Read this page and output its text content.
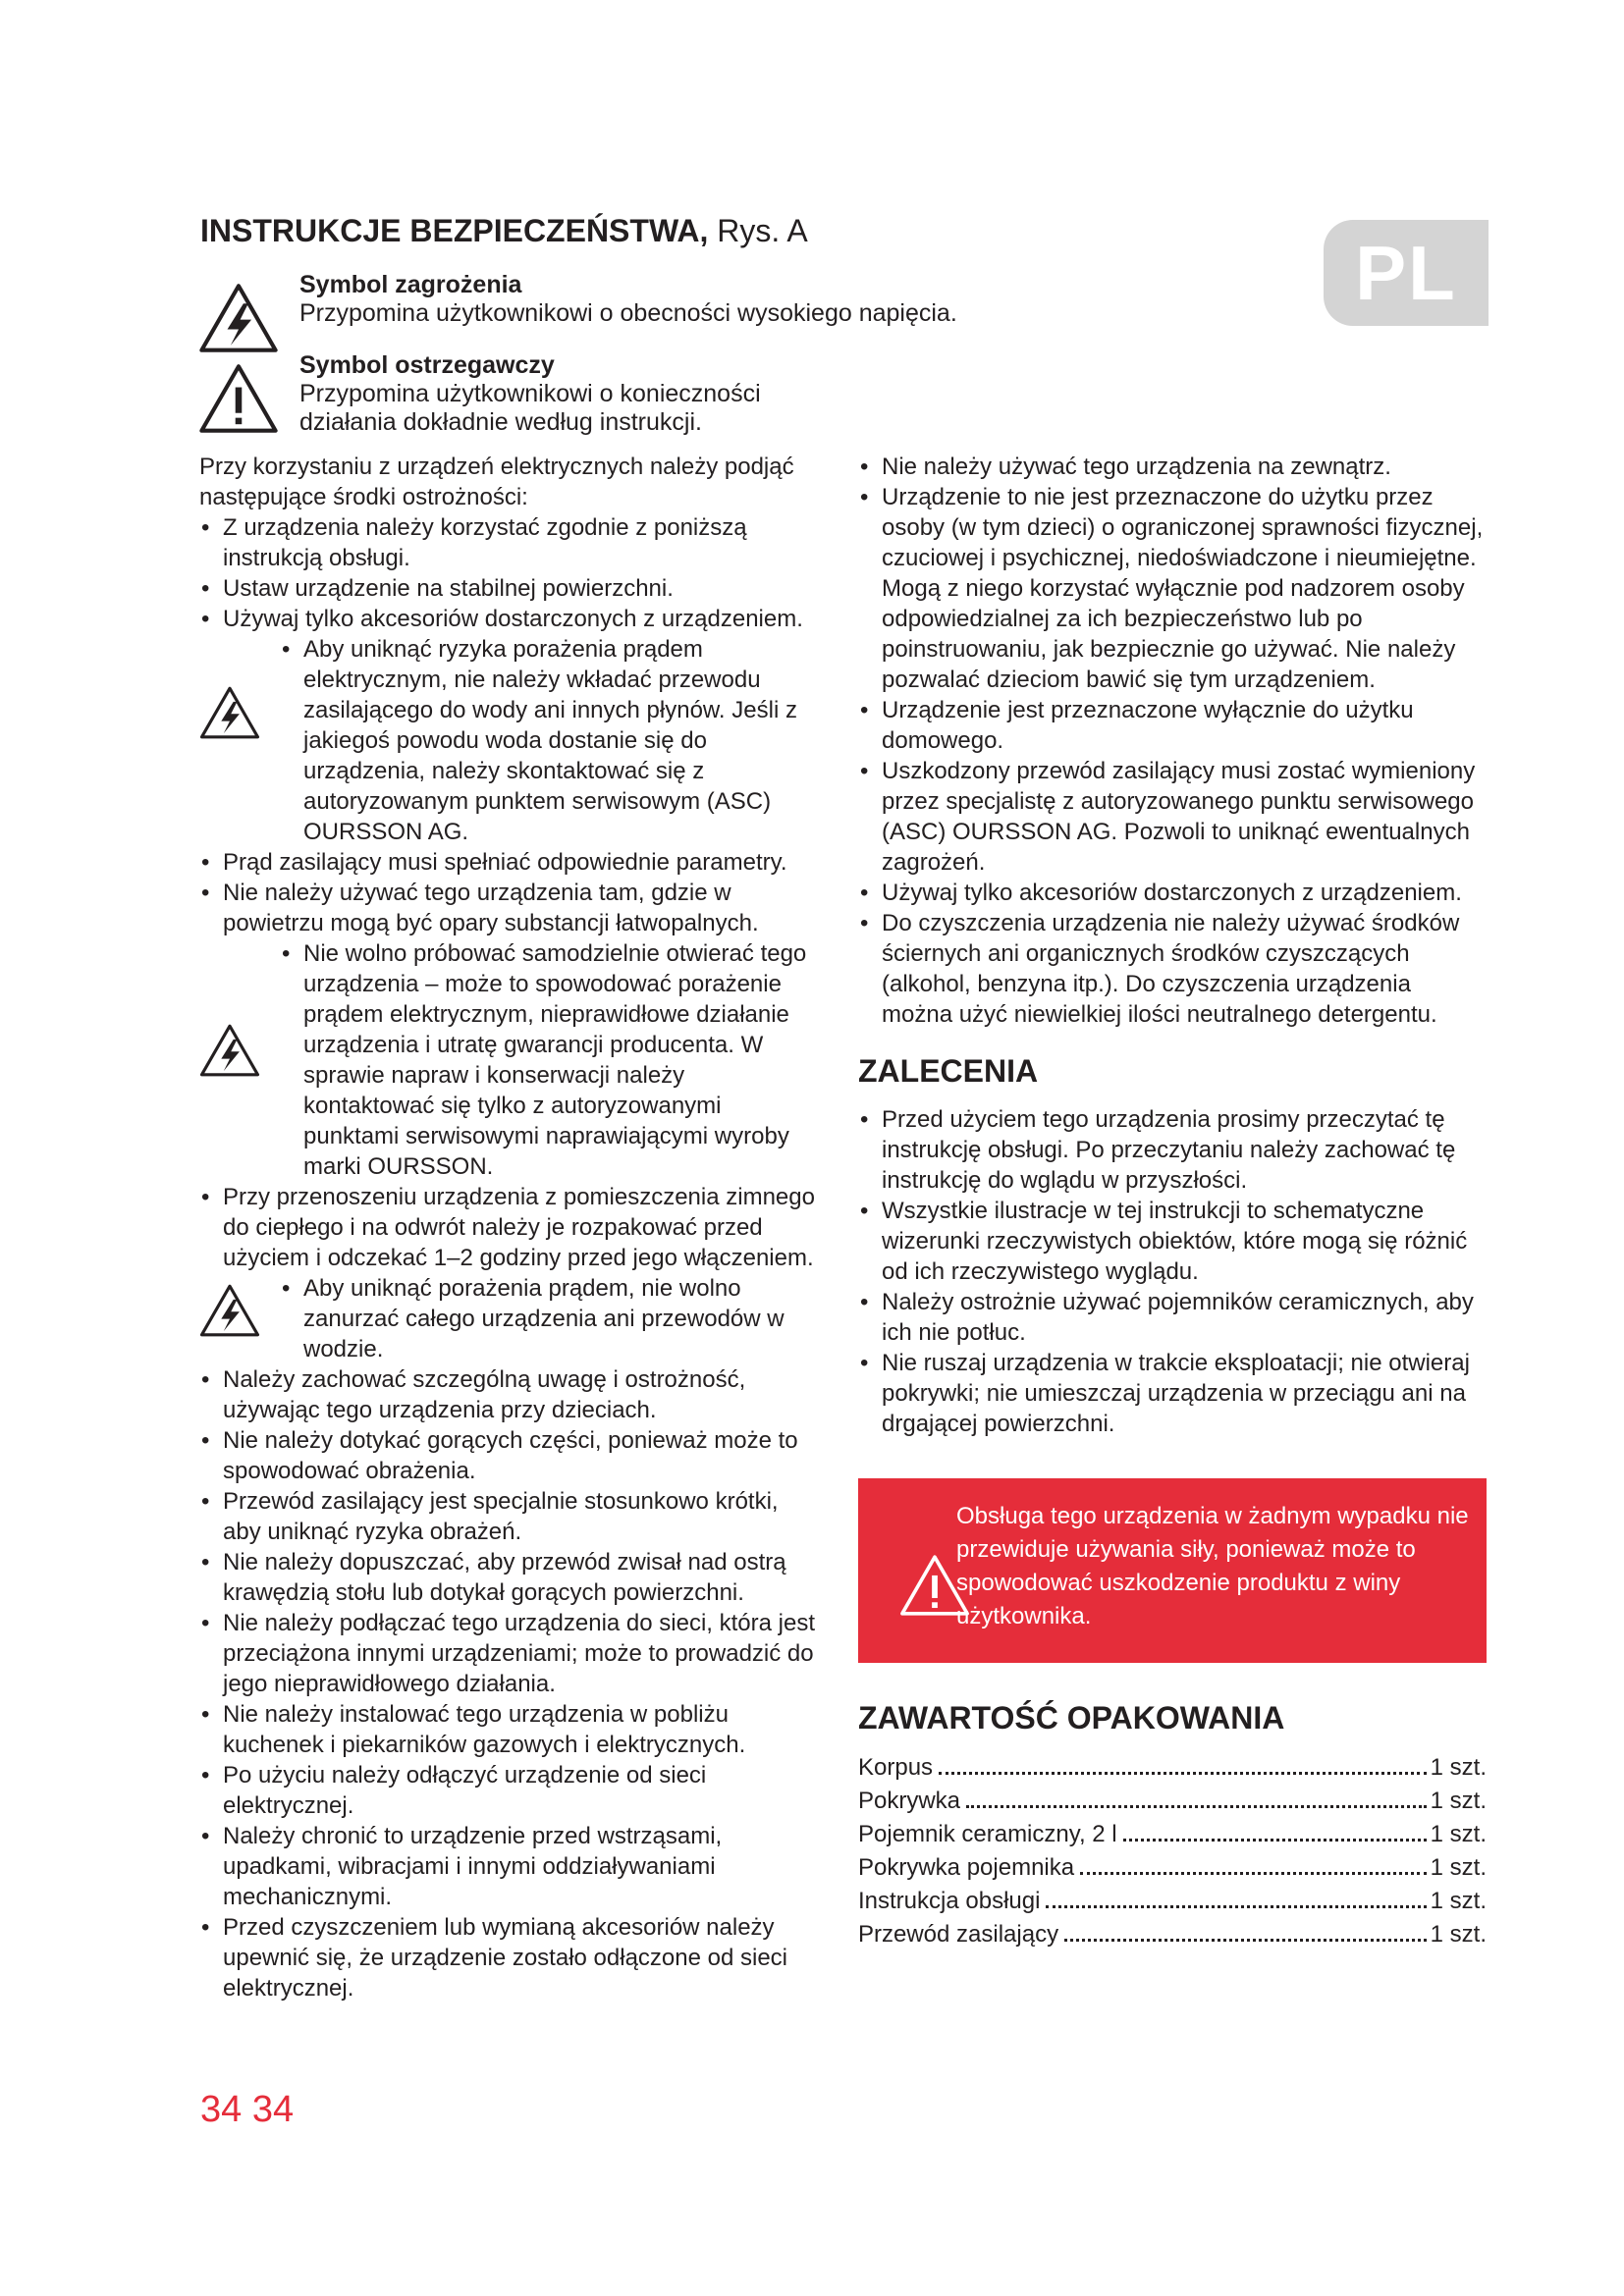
PL
INSTRUKCJE BEZPIECZEŃSTWA, Rys. A
Symbol zagrożenia
Przypomina użytkownikowi o obecności wysokiego napięcia.
Symbol ostrzegawczy
Przypomina użytkownikowi o konieczności działania dokładnie według instrukcji.

Przy korzystaniu z urządzeń elektrycznych należy podjąć następujące środki ostrożności:

• Z urządzenia należy korzystać zgodnie z poniższą instrukcją obsługi.

• Ustaw urządzenie na stabilnej powierzchni.

• Używaj tylko akcesoriów dostarczonych z urządzeniem.

• Aby uniknąć ryzyka porażenia prądem elektrycznym, nie należy wkładać przewodu zasilającego do wody ani innych płynów. Jeśli z jakiegoś powodu woda dostanie się do urządzenia, należy skontaktować się z autoryzowanym punktem serwisowym (ASC) OURSSON AG.

• Prąd zasilający musi spełniać odpowiednie parametry.

• Nie należy używać tego urządzenia tam, gdzie w powietrzu mogą być opary substancji łatwopalnych.

• Nie wolno próbować samodzielnie otwierać tego urządzenia – może to spowodować porażenie prądem elektrycznym, nieprawidłowe działanie urządzenia i utratę gwarancji producenta. W sprawie napraw i konserwacji należy kontaktować się tylko z autoryzowanymi punktami serwisowymi naprawiającymi wyroby marki OURSSON.

• Przy przenoszeniu urządzenia z pomieszczenia zimnego do ciepłego i na odwrót należy je rozpakować przed użyciem i odczekać 1–2 godziny przed jego włączeniem.

• Aby uniknąć porażenia prądem, nie wolno zanurzać całego urządzenia ani przewodów w wodzie.

• Należy zachować szczególną uwagę i ostrożność, używając tego urządzenia przy dzieciach.

• Nie należy dotykać gorących części, ponieważ może to spowodować obrażenia.

• Przewód zasilający jest specjalnie stosunkowo krótki, aby uniknąć ryzyka obrażeń.

• Nie należy dopuszczać, aby przewód zwisał nad ostrą krawędzią stołu lub dotykał gorących powierzchni.

• Nie należy podłączać tego urządzenia do sieci, która jest przeciążona innymi urządzeniami; może to prowadzić do jego nieprawidłowego działania.

• Nie należy instalować tego urządzenia w pobliżu kuchenek i piekarników gazowych i elektrycznych.

• Po użyciu należy odłączyć urządzenie od sieci elektrycznej.

• Należy chronić to urządzenie przed wstrząsami, upadkami, wibracjami i innymi oddziaływaniami mechanicznymi.

• Przed czyszczeniem lub wymianą akcesoriów należy upewnić się, że urządzenie zostało odłączone od sieci elektrycznej.

• Nie należy używać tego urządzenia na zewnątrz.

• Urządzenie to nie jest przeznaczone do użytku przez osoby (w tym dzieci) o ograniczonej sprawności fizycznej, czuciowej i psychicznej, niedoświadczone i nieumiejętne. Mogą z niego korzystać wyłącznie pod nadzorem osoby odpowiedzialnej za ich bezpieczeństwo lub po poinstruowaniu, jak bezpiecznie go używać. Nie należy pozwalać dzieciom bawić się tym urządzeniem.

• Urządzenie jest przeznaczone wyłącznie do użytku domowego.

• Uszkodzony przewód zasilający musi zostać wymieniony przez specjalistę z autoryzowanego punktu serwisowego (ASC) OURSSON AG. Pozwoli to uniknąć ewentualnych zagrożeń.

• Używaj tylko akcesoriów dostarczonych z urządzeniem.

• Do czyszczenia urządzenia nie należy używać środków ściernych ani organicznych środków czyszczących (alkohol, benzyna itp.). Do czyszczenia urządzenia można użyć niewielkiej ilości neutralnego detergentu.

ZALECENIA

• Przed użyciem tego urządzenia prosimy przeczytać tę instrukcję obsługi. Po przeczytaniu należy zachować tę instrukcję do wglądu w przyszłości.

• Wszystkie ilustracje w tej instrukcji to schematyczne wizerunki rzeczywistych obiektów, które mogą się różnić od ich rzeczywistego wyglądu.

• Należy ostrożnie używać pojemników ceramicznych, aby ich nie potłuc.

• Nie ruszaj urządzenia w trakcie eksploatacji; nie otwieraj pokrywki; nie umieszczaj urządzenia w przeciągu ani na drgającej powierzchni.

Obsługa tego urządzenia w żadnym wypadku nie przewiduje używania siły, ponieważ może to spowodować uszkodzenie produktu z winy użytkownika.
ZAWARTOŚĆ OPAKOWANIA
Korpus	1 szt.
Pokrywka	1 szt.
Pojemnik ceramiczny, 2 l	1 szt.
Pokrywka pojemnika	1 szt.
Instrukcja obsługi	1 szt.
Przewód zasilający	1 szt.
34 34
